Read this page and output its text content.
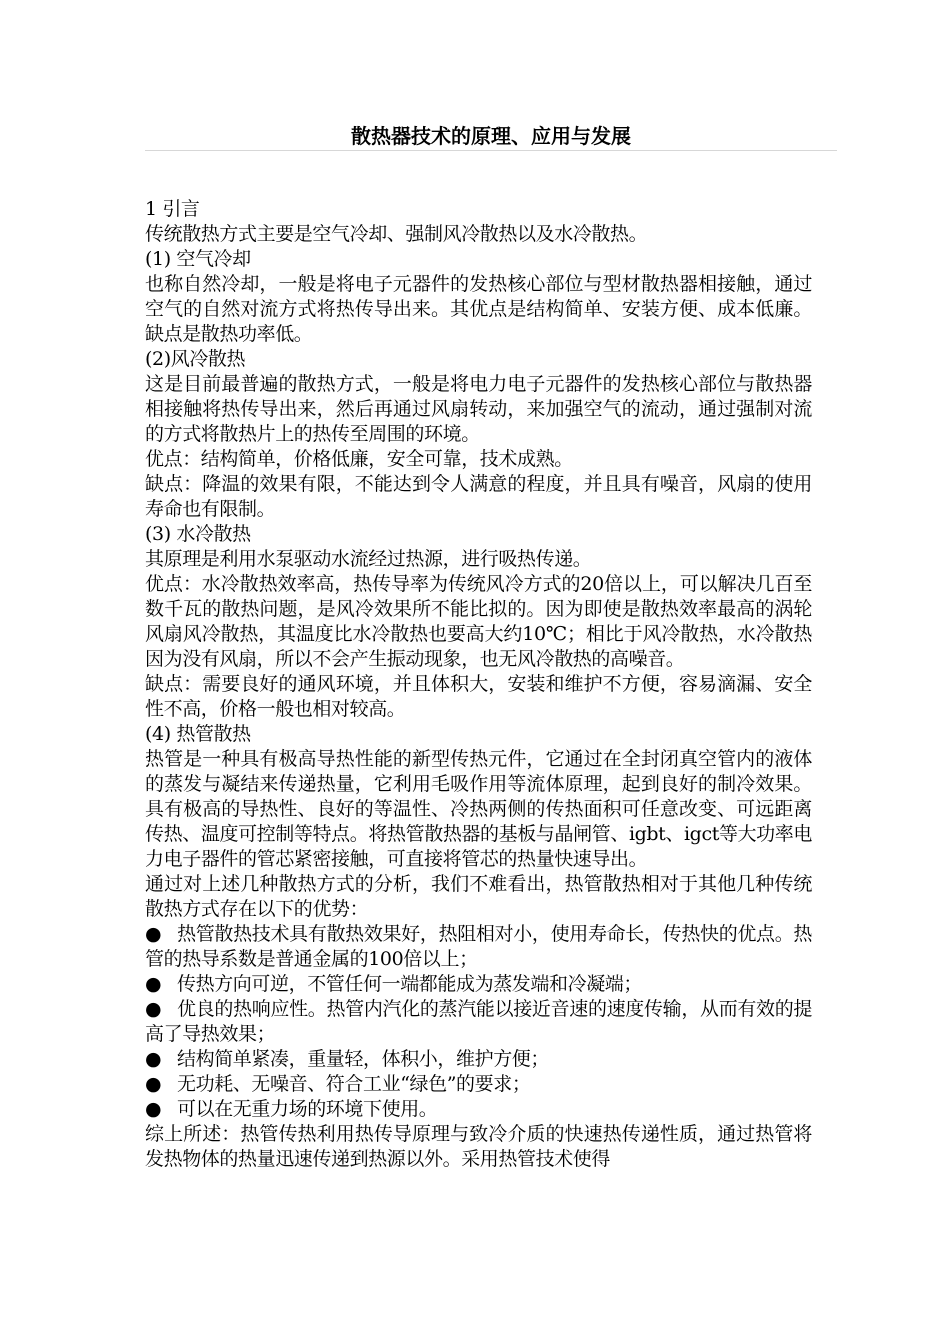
散热器技术的原理、应用与发展

1 引言

传统散热方式主要是空气冷却、强制风冷散热以及水冷散热。

(1) 空气冷却

也称自然冷却，一般是将电子元器件的发热核心部位与型材散热器相接触，通过空气的自然对流方式将热传导出来。其优点是结构简单、安装方便、成本低廉。缺点是散热功率低。

(2)风冷散热

这是目前最普遍的散热方式，一般是将电力电子元器件的发热核心部位与散热器相接触将热传导出来，然后再通过风扇转动，来加强空气的流动，通过强制对流的方式将散热片上的热传至周围的环境。

优点：结构简单，价格低廉，安全可靠，技术成熟。

缺点：降温的效果有限，不能达到令人满意的程度，并且具有噪音，风扇的使用寿命也有限制。

(3) 水冷散热

其原理是利用水泵驱动水流经过热源，进行吸热传递。

优点：水冷散热效率高，热传导率为传统风冷方式的20倍以上，可以解决几百至数千瓦的散热问题，是风冷效果所不能比拟的。因为即使是散热效率最高的涡轮风扇风冷散热，其温度比水冷散热也要高大约10℃；相比于风冷散热，水冷散热因为没有风扇，所以不会产生振动现象，也无风冷散热的高噪音。

缺点：需要良好的通风环境，并且体积大，安装和维护不方便，容易滴漏、安全性不高，价格一般也相对较高。

(4) 热管散热

热管是一种具有极高导热性能的新型传热元件，它通过在全封闭真空管内的液体的蒸发与凝结来传递热量，它利用毛吸作用等流体原理，起到良好的制冷效果。具有极高的导热性、良好的等温性、冷热两侧的传热面积可任意改变、可远距离传热、温度可控制等特点。将热管散热器的基板与晶闸管、igbt、igct等大功率电力电子器件的管芯紧密接触，可直接将管芯的热量快速导出。

通过对上述几种散热方式的分析，我们不难看出，热管散热相对于其他几种传统散热方式存在以下的优势：

● 热管散热技术具有散热效果好，热阻相对小，使用寿命长，传热快的优点。热管的热导系数是普通金属的100倍以上；

● 传热方向可逆，不管任何一端都能成为蒸发端和冷凝端；

● 优良的热响应性。热管内汽化的蒸汽能以接近音速的速度传输，从而有效的提高了导热效果；

● 结构简单紧凑，重量轻，体积小，维护方便；

● 无功耗、无噪音、符合工业“绿色”的要求；

● 可以在无重力场的环境下使用。

综上所述：热管传热利用热传导原理与致冷介质的快速热传递性质，通过热管将发热物体的热量迅速传递到热源以外。采用热管技术使得
